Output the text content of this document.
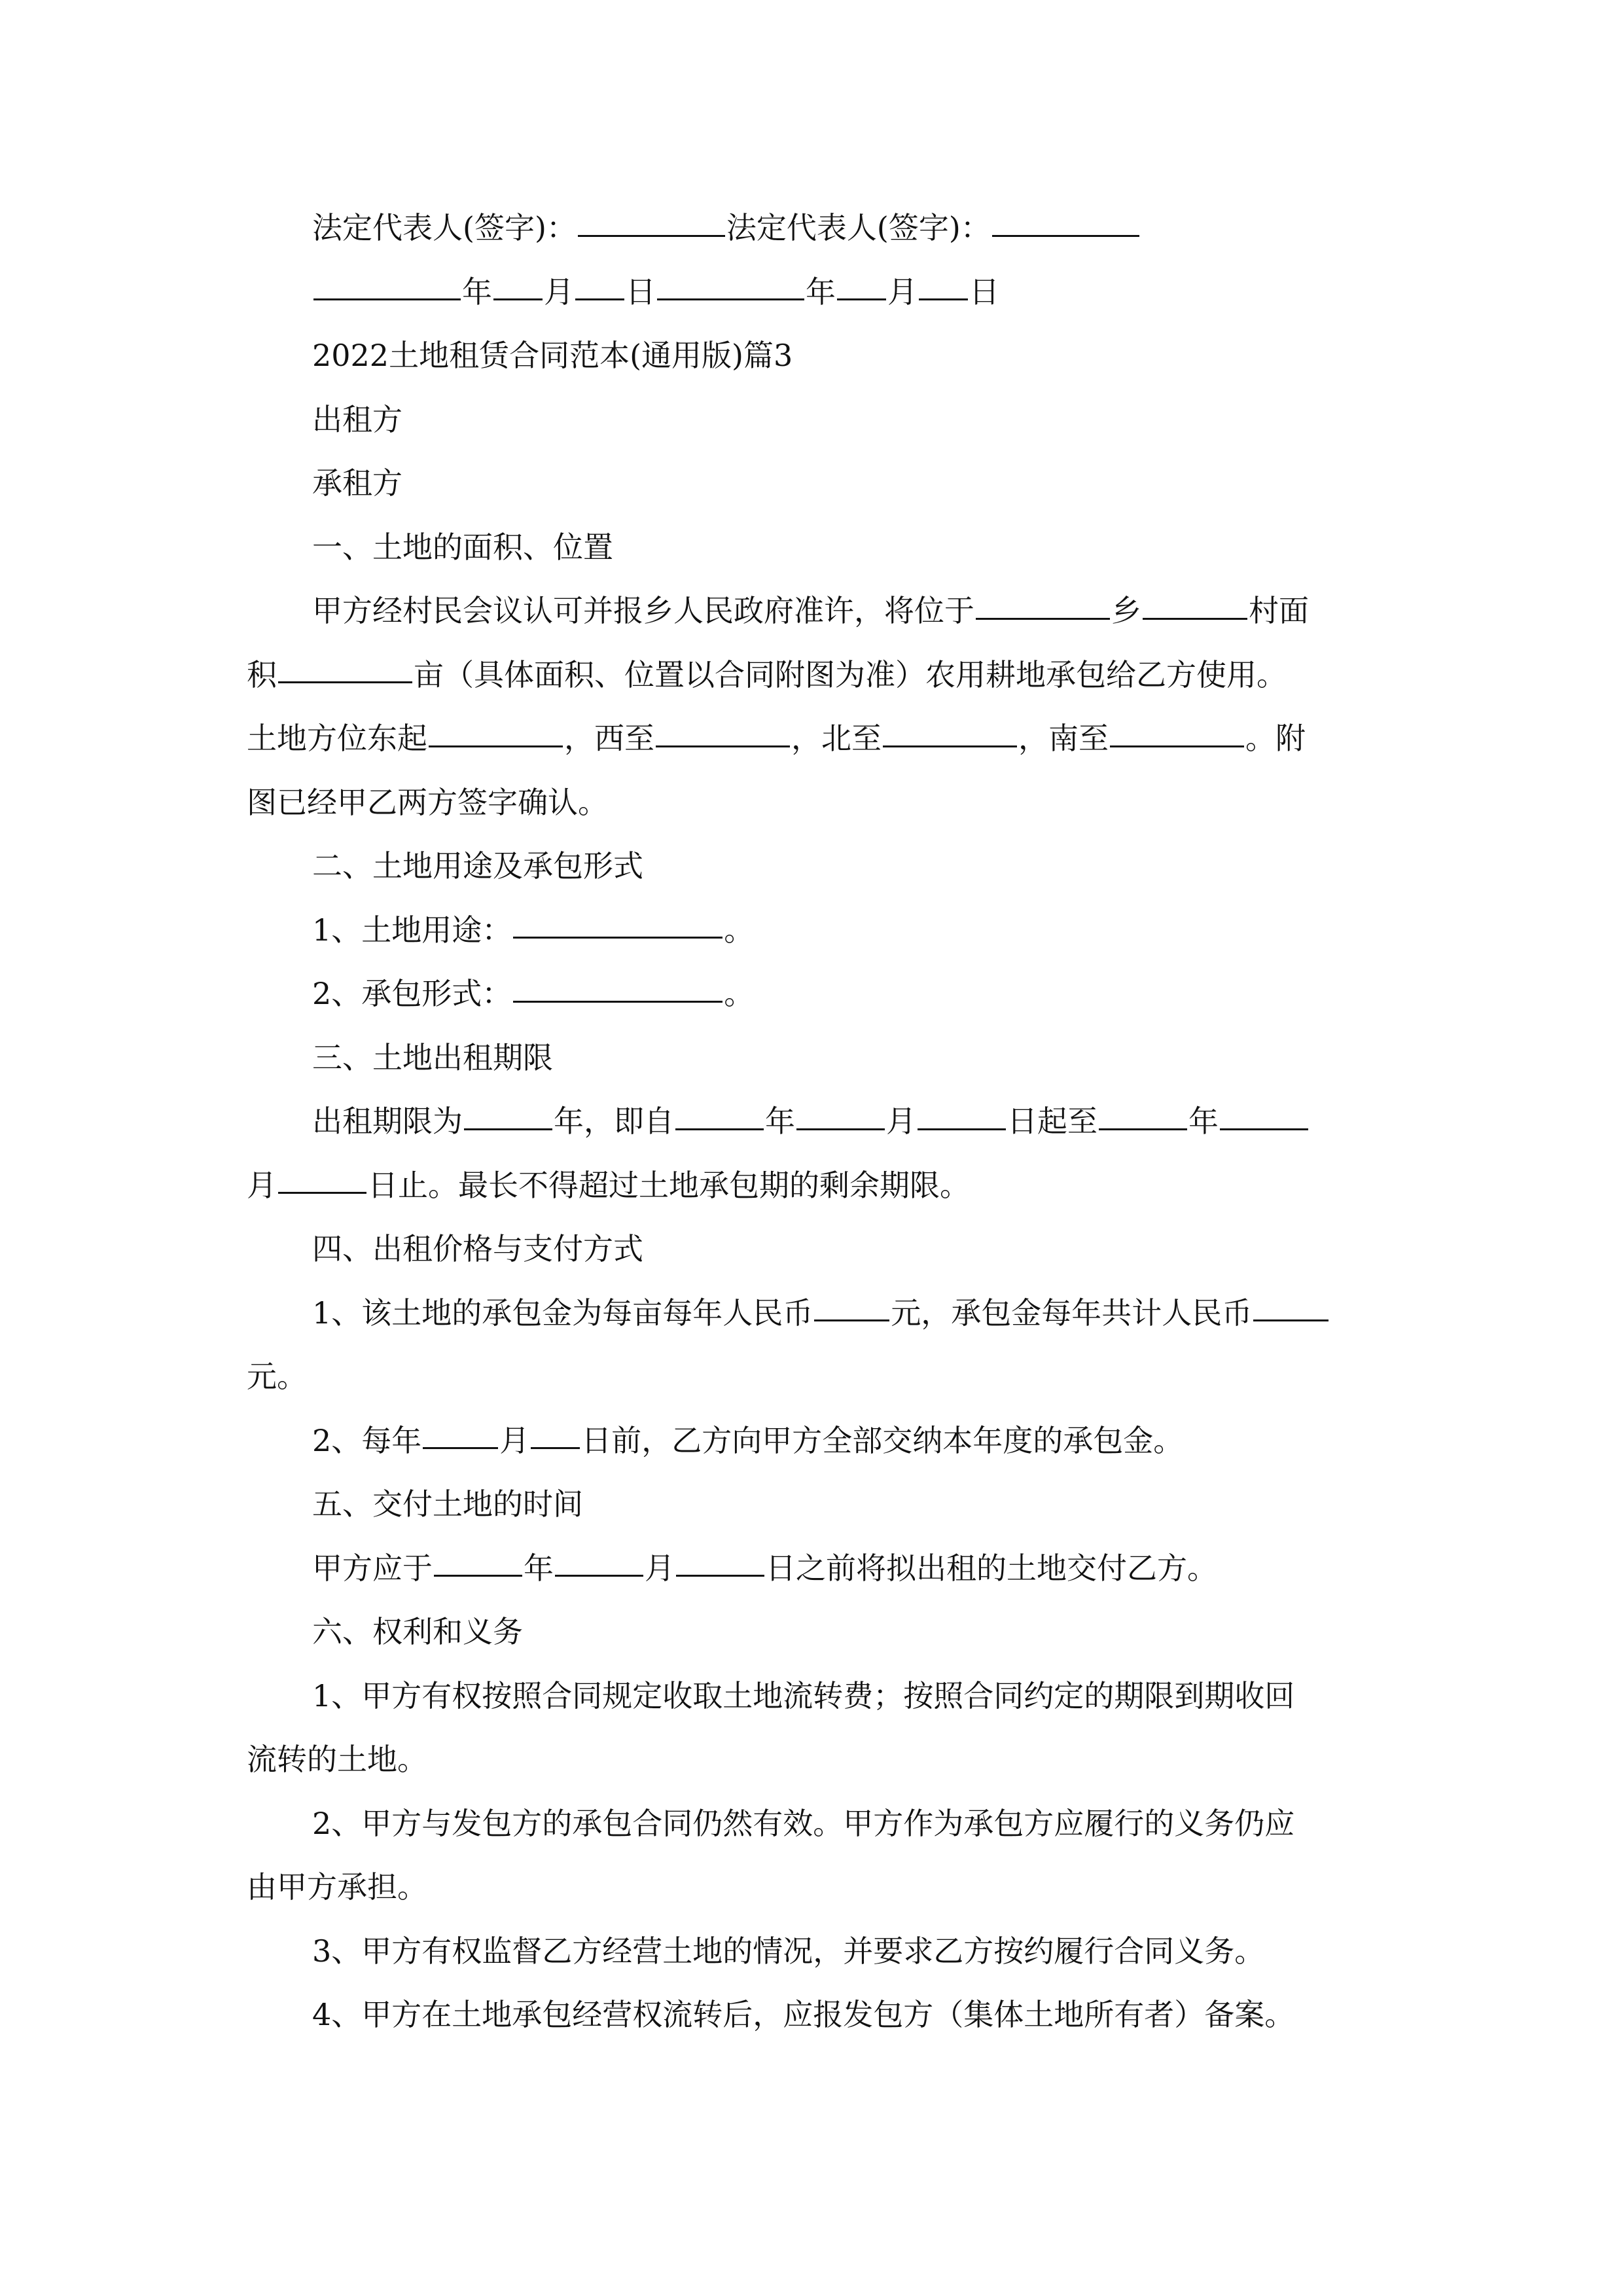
法定代表人(签字)：	法定代表人(签字)：
年 月 日	年 月 日
2022土地租赁合同范本(通用版)篇3
出租方
承租方
一、土地的面积、位置
甲方经村民会议认可并报乡人民政府准许，将位于	乡	村面
积	亩（具体面积、位置以合同附图为准）农用耕地承包给乙方使用。
土地方位东起	，西至	，北至	，南至	。附
图已经甲乙两方签字确认。
二、土地用途及承包形式
1、土地用途：	。
2、承包形式：	。
三、土地出租期限
出租期限为	年，即自	年	月	日起至	年
月	日止。最长不得超过土地承包期的剩余期限。
四、出租价格与支付方式
1、该土地的承包金为每亩每年人民币	元，承包金每年共计人民币
元。
2、每年	月 日前，乙方向甲方全部交纳本年度的承包金。
五、交付土地的时间
甲方应于	年	月	日之前将拟出租的土地交付乙方。
六、权利和义务
1、甲方有权按照合同规定收取土地流转费；按照合同约定的期限到期收回
流转的土地。
2、甲方与发包方的承包合同仍然有效。甲方作为承包方应履行的义务仍应
由甲方承担。
3、甲方有权监督乙方经营土地的情况，并要求乙方按约履行合同义务。
4、甲方在土地承包经营权流转后，应报发包方（集体土地所有者）备案。
